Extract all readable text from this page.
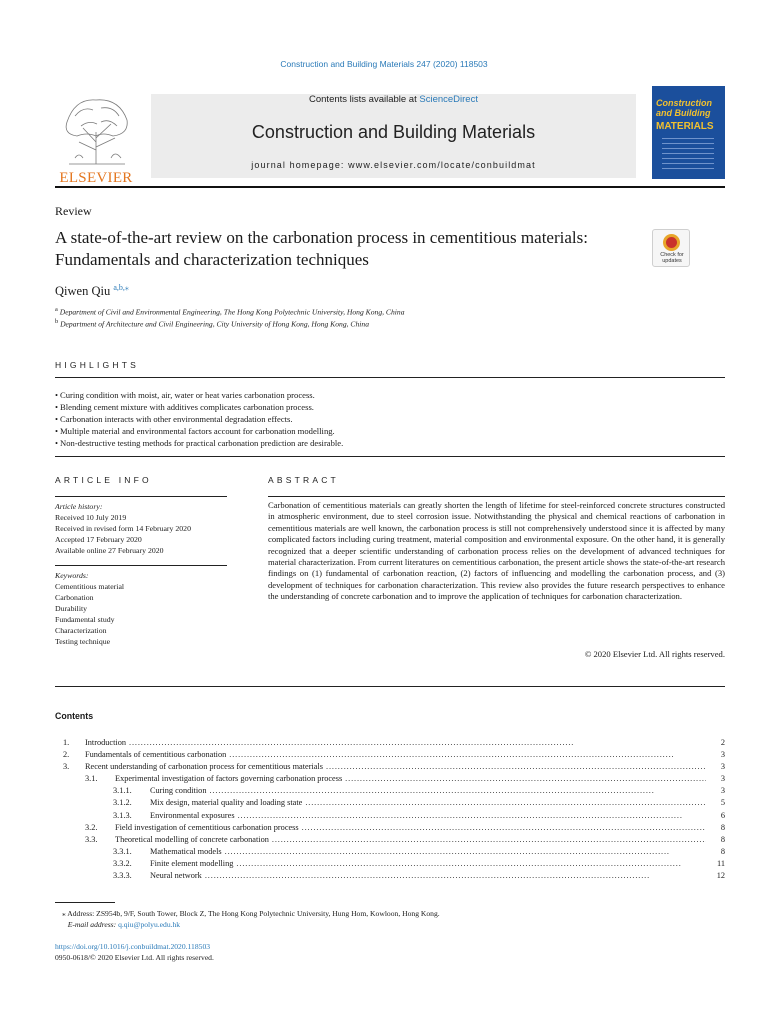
Construction and Building Materials 247 (2020) 118503
ELSEVIER
Contents lists available at ScienceDirect
Construction and Building Materials
journal homepage: www.elsevier.com/locate/conbuildmat
Construction and Building
MATERIALS
Review
A state-of-the-art review on the carbonation process in cementitious materials: Fundamentals and characterization techniques	Check for updates
Qiwen Qiu $^{a,b,⁎}$
$^a$ Department of Civil and Environmental Engineering, The Hong Kong Polytechnic University, Hong Kong, China
$^b$ Department of Architecture and Civil Engineering, City University of Hong Kong, Hong Kong, China
HIGHLIGHTS
• Curing condition with moist, air, water or heat varies carbonation process.
• Blending cement mixture with additives complicates carbonation process.
• Carbonation interacts with other environmental degradation effects.
• Multiple material and environmental factors account for carbonation modelling.
• Non-destructive testing methods for practical carbonation prediction are desirable.
ARTICLE INFO
Article history:
Received 10 July 2019
Received in revised form 14 February 2020
Accepted 17 February 2020
Available online 27 February 2020
Keywords:
Cementitious material
Carbonation
Durability
Fundamental study
Characterization
Testing technique
ABSTRACT
Carbonation of cementitious materials can greatly shorten the length of lifetime for steel-reinforced concrete structures constructed in atmospheric environment, due to steel corrosion issue. Notwithstanding the physical and chemical reactions of carbonation in cementitious materials are well known, the carbonation process is still not comprehensively understood since it is affected by many complicated factors including curing treatment, material composition and environmental exposure. On the other hand, it is generally recognized that a deeper scientific understanding of carbonation process relies on the development of advanced techniques for material characterization. From current literatures on cementitious carbonation, the present article shows the state-of-the-art research findings on (1) fundamental of carbonation reaction, (2) factors of influencing and modelling the carbonation process, and (3) development of techniques for carbonation characterization. This review also provides the future research perspectives to enhance the understanding of concrete carbonation and to improve the application of techniques for carbonation characterization.
© 2020 Elsevier Ltd. All rights reserved.
Contents
1.	Introduction . . .	2
2.	Fundamentals of cementitious carbonation . . .	3
3.	Recent understanding of carbonation process for cementitious materials . . .	3
3.1.	Experimental investigation of factors governing carbonation process . . .	3
3.1.1.	Curing condition . . .	3
3.1.2.	Mix design, material quality and loading state . . .	5
3.1.3.	Environmental exposures . . .	6
3.2.	Field investigation of cementitious carbonation process . . .	8
3.3.	Theoretical modelling of concrete carbonation . . .	8
3.3.1.	Mathematical models . . .	8
3.3.2.	Finite element modelling . . .	11
3.3.3.	Neural network . . .	12
⁎ Address: ZS954b, 9/F, South Tower, Block Z, The Hong Kong Polytechnic University, Hung Hom, Kowloon, Hong Kong.
E-mail address: q.qiu@polyu.edu.hk
https://doi.org/10.1016/j.conbuildmat.2020.118503
0950-0618/© 2020 Elsevier Ltd. All rights reserved.
